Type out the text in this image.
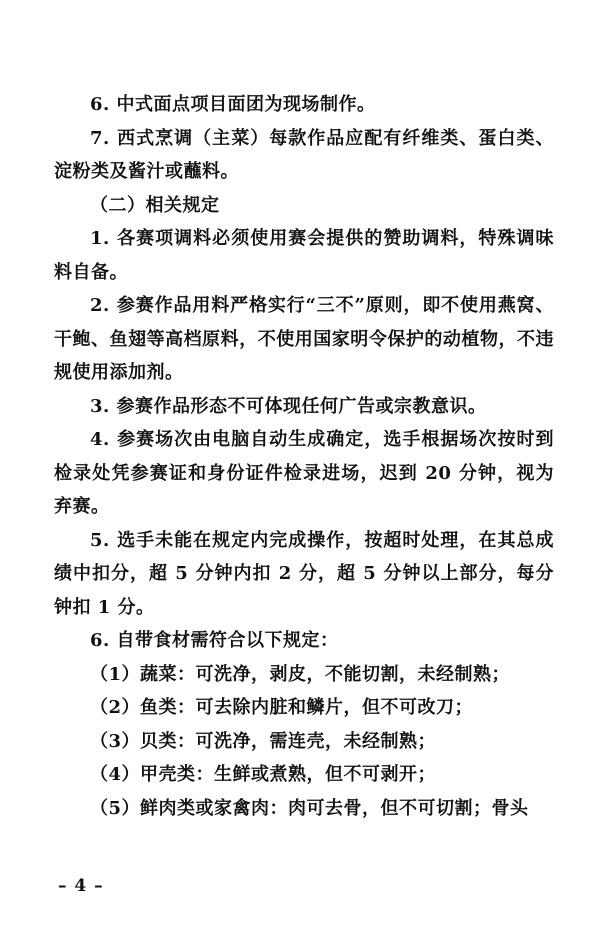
6. 中式面点项目面团为现场制作。

7. 西式烹调（主菜）每款作品应配有纤维类、蛋白类、淀粉类及酱汁或蘸料。

（二）相关规定

1. 各赛项调料必须使用赛会提供的赞助调料，特殊调味料自备。

2. 参赛作品用料严格实行“三不”原则，即不使用燕窝、干鲍、鱼翅等高档原料，不使用国家明令保护的动植物，不违规使用添加剂。

3. 参赛作品形态不可体现任何广告或宗教意识。

4. 参赛场次由电脑自动生成确定，选手根据场次按时到检录处凭参赛证和身份证件检录进场，迟到 20 分钟，视为弃赛。

5. 选手未能在规定内完成操作，按超时处理，在其总成绩中扣分，超 5 分钟内扣 2 分，超 5 分钟以上部分，每分钟扣 1 分。

6. 自带食材需符合以下规定：

（1）蔬菜：可洗净，剥皮，不能切割，未经制熟；

（2）鱼类：可去除内脏和鳞片，但不可改刀；

（3）贝类：可洗净，需连壳，未经制熟；

（4）甲壳类：生鲜或煮熟，但不可剥开；

（5）鲜肉类或家禽肉：肉可去骨，但不可切割；骨头

– 4 –
